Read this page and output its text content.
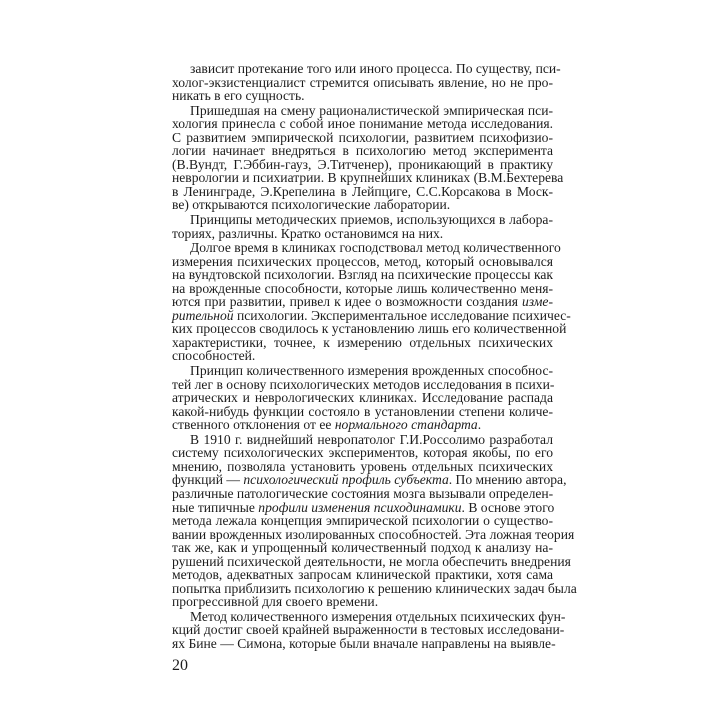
зависит протекание того или иного процесса. По существу, пси-
холог-экзистенциалист стремится описывать явление, но не про-
никать в его сущность.
Пришедшая на смену рационалистической эмпирическая пси-
хология принесла с собой иное понимание метода исследования.
С развитием эмпирической психологии, развитием психофизио-
логии начинает внедряться в психологию метод эксперимента
(В.Вундт, Г.Эббин-гауз, Э.Титченер), проникающий в практику
неврологии и психиатрии. В крупнейших клиниках (В.М.Бехтерева
в Ленинграде, Э.Крепелина в Лейпциге, С.С.Корсакова в Моск-
ве) открываются психологические лаборатории.
Принципы методических приемов, использующихся в лабора-
ториях, различны. Кратко остановимся на них.
Долгое время в клиниках господствовал метод количественного
измерения психических процессов, метод, который основывался
на вундтовской психологии. Взгляд на психические процессы как
на врожденные способности, которые лишь количественно меня-
ются при развитии, привел к идее о возможности создания изме-
рительной психологии. Экспериментальное исследование психичес-
ких процессов сводилось к установлению лишь его количественной
характеристики, точнее, к измерению отдельных психических
способностей.
Принцип количественного измерения врожденных способнос-
тей лег в основу психологических методов исследования в психи-
атрических и неврологических клиниках. Исследование распада
какой-нибудь функции состояло в установлении степени количе-
ственного отклонения от ее нормального стандарта.
В 1910 г. виднейший невропатолог Г.И.Россолимо разработал
систему психологических экспериментов, которая якобы, по его
мнению, позволяла установить уровень отдельных психических
функций — психологический профиль субъекта. По мнению автора,
различные патологические состояния мозга вызывали определен-
ные типичные профили изменения психодинамики. В основе этого
метода лежала концепция эмпирической психологии о существо-
вании врожденных изолированных способностей. Эта ложная теория
так же, как и упрощенный количественный подход к анализу на-
рушений психической деятельности, не могла обеспечить внедрения
методов, адекватных запросам клинической практики, хотя сама
попытка приблизить психологию к решению клинических задач была
прогрессивной для своего времени.
Метод количественного измерения отдельных психических фун-
кций достиг своей крайней выраженности в тестовых исследовани-
ях Бине — Симона, которые были вначале направлены на выявле-
20
